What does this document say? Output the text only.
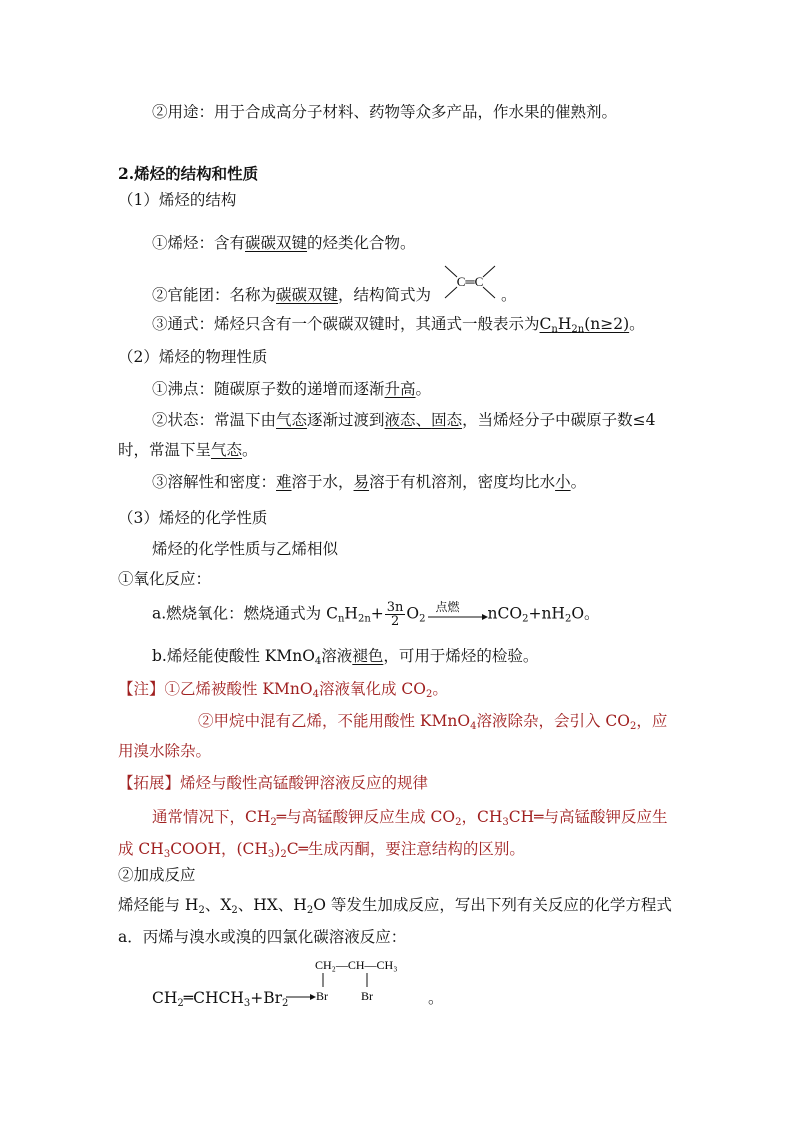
②用途：用于合成高分子材料、药物等众多产品，作水果的催熟剂。
2.烯烃的结构和性质
（1）烯烃的结构
①烯烃：含有碳碳双键的烃类化合物。
②官能团：名称为碳碳双键，结构简式为
C═C
。
③通式：烯烃只含有一个碳碳双键时，其通式一般表示为$C_nH_{2n}(n\ge 2)$。
（2）烯烃的物理性质
①沸点：随碳原子数的递增而逐渐升高。
②状态：常温下由气态逐渐过渡到液态、固态，当烯烃分子中碳原子数≤4
时，常温下呈气态。
③溶解性和密度：难溶于水，易溶于有机溶剂，密度均比水小。
（3）烯烃的化学性质
烯烃的化学性质与乙烯相似
①氧化反应：
a.燃烧氧化：燃烧通式为 $C_nH_{2n}+ \frac{3n}{2} O_2$
点燃 $nCO_2+nH_2O$。
b.烯烃能使酸性 KMnO$_4$溶液褪色，可用于烯烃的检验。
【注】①乙烯被酸性 KMnO$_4$溶液氧化成 $CO_2$。
②甲烷中混有乙烯，不能用酸性 KMnO$_4$溶液除杂，会引入 $CO_2$，应
用溴水除杂。
【拓展】烯烃与酸性高锰酸钾溶液反应的规律
通常情况下，$CH_2═$与高锰酸钾反应生成 $CO_2$，$CH_3CH═$与高锰酸钾反应生
成 $CH_3COOH$，$(CH_3)_2C═$生成丙酮，要注意结构的区别。
②加成反应
烯烃能与 $H_2$、$X_2$、HX、$H_2O$ 等发生加成反应，写出下列有关反应的化学方程式
a．丙烯与溴水或溴的四氯化碳溶液反应：
$CH_2═CHCH_3+Br_2$
CH₂—CH—CH₃
Br	Br	。
